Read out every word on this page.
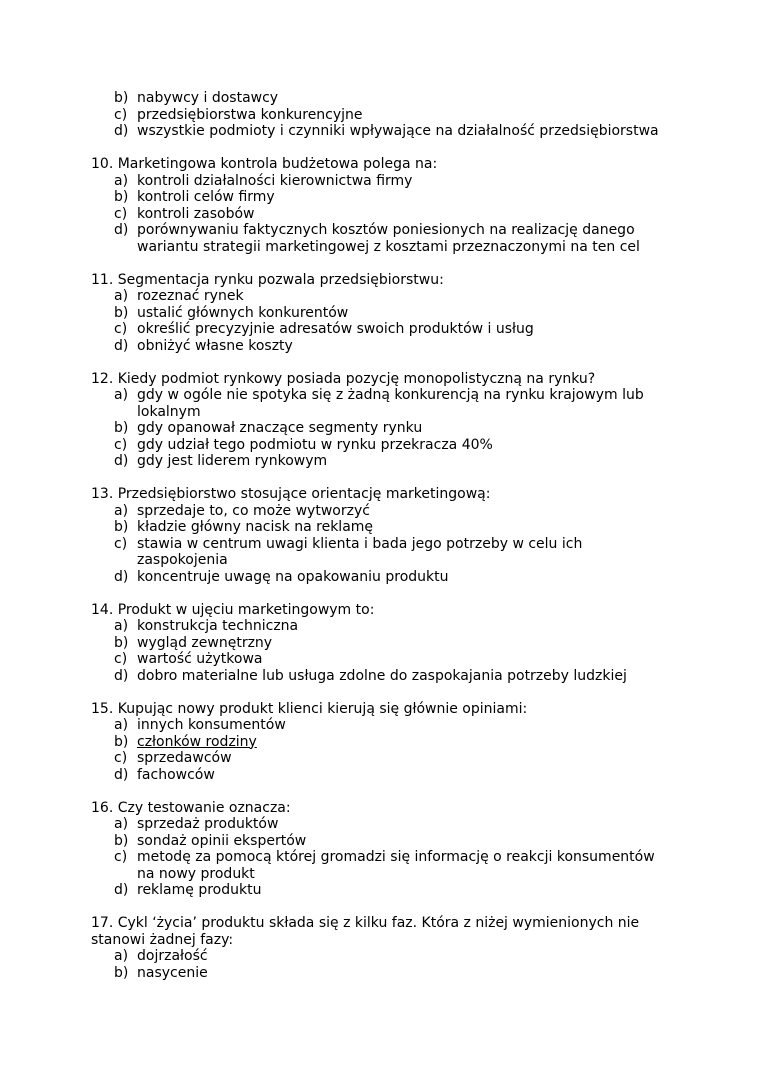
b) nabywcy i dostawcy
c) przedsiębiorstwa konkurencyjne
d) wszystkie podmioty i czynniki wpływające na działalność przedsiębiorstwa
10. Marketingowa kontrola budżetowa polega na:
a) kontroli działalności kierownictwa firmy
b) kontroli celów firmy
c) kontroli zasobów
d) porównywaniu faktycznych kosztów poniesionych na realizację danego wariantu strategii marketingowej z kosztami przeznaczonymi na ten cel
11. Segmentacja rynku pozwala przedsiębiorstwu:
a) rozeznać rynek
b) ustalić głównych konkurentów
c) określić precyzyjnie adresatów swoich produktów i usług
d) obniżyć własne koszty
12. Kiedy podmiot rynkowy posiada pozycję monopolistyczną na rynku?
a) gdy w ogóle nie spotyka się z żadną konkurencją na rynku krajowym lub lokalnym
b) gdy opanował znaczące segmenty rynku
c) gdy udział tego podmiotu w rynku przekracza 40%
d) gdy jest liderem rynkowym
13. Przedsiębiorstwo stosujące orientację marketingową:
a) sprzedaje to, co może wytworzyć
b) kładzie główny nacisk na reklamę
c) stawia w centrum uwagi klienta i bada jego potrzeby w celu ich zaspokojenia
d) koncentruje uwagę na opakowaniu produktu
14. Produkt w ujęciu marketingowym to:
a) konstrukcja techniczna
b) wygląd zewnętrzny
c) wartość użytkowa
d) dobro materialne lub usługa zdolne do zaspokajania potrzeby ludzkiej
15. Kupując nowy produkt klienci kierują się głównie opiniami:
a) innych konsumentów
b) członków rodziny
c) sprzedawców
d) fachowców
16. Czy testowanie oznacza:
a) sprzedaż produktów
b) sondaż opinii ekspertów
c) metodę za pomocą której gromadzi się informację o reakcji konsumentów na nowy produkt
d) reklamę produktu
17. Cykl ‘życia’ produktu składa się z kilku faz. Która z niżej wymienionych nie stanowi żadnej fazy:
a) dojrzałość
b) nasycenie
